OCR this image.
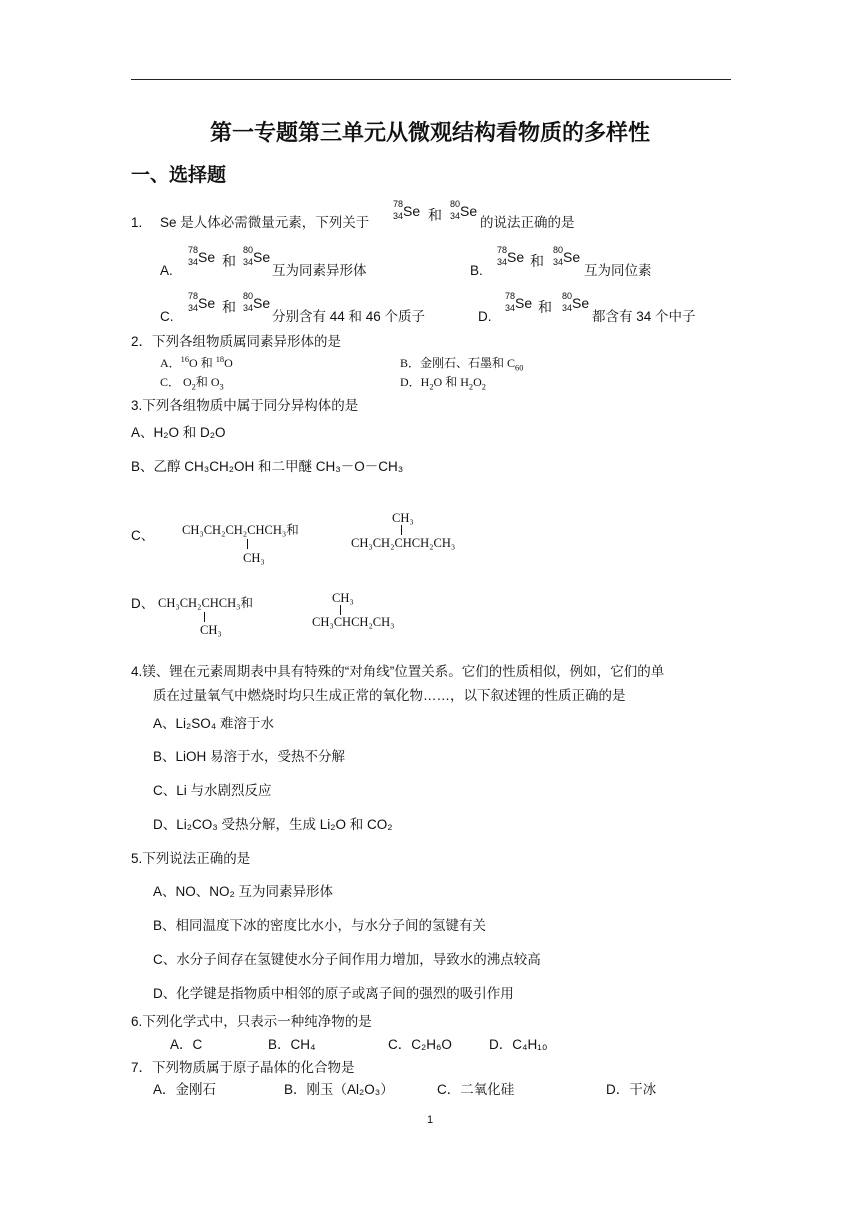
第一专题第三单元从微观结构看物质的多样性
一、选择题
1. Se 是人体必需微量元素，下列关于
78
34 Se 和
80
34 Se
的说法正确的是
A.
78
34 Se 和
80
34 Se
互为同素异形体	B.
78
34 Se 和
80
34 Se
互为同位素
C.
78
34 Se 和
80
34 Se
分别含有 44 和 46 个质子	D.
78
34 Se 和
80
34 Se
都含有 34 个中子
2．下列各组物质属同素异形体的是
A．$^{16}$O 和 $^{18}$O	B．金刚石、石墨和 $C_{60}$
C． $O_2$和 $O_3$	D．$H_2O$ 和 $H_2O_2$
3.下列各组物质中属于同分异构体的是
A、H₂O 和 D₂O
B、乙醇 CH₃CH₂OH 和二甲醚 CH₃－O－CH₃
C、 CH₃CH₂CH₂CHCH₃和
CH₃
CH₃
CH₃CH₂CHCH₂CH₃
D、 CH₃CH₂CHCH₃和
CH₃
CH₃
CH₃CHCH₂CH₃
4.镁、锂在元素周期表中具有特殊的“对角线”位置关系。它们的性质相似，例如，它们的单
质在过量氧气中燃烧时均只生成正常的氧化物……，以下叙述锂的性质正确的是
A、Li₂SO₄ 难溶于水
B、LiOH 易溶于水，受热不分解
C、Li 与水剧烈反应
D、Li₂CO₃ 受热分解，生成 Li₂O 和 CO₂
5.下列说法正确的是
A、NO、NO₂ 互为同素异形体
B、相同温度下冰的密度比水小，与水分子间的氢键有关
C、水分子间存在氢键使水分子间作用力增加，导致水的沸点较高
D、化学键是指物质中相邻的原子或离子间的强烈的吸引作用
6.下列化学式中，只表示一种纯净物的是
A．C	B．CH₄	C．C₂H₆O	D．C₄H₁₀
7．下列物质属于原子晶体的化合物是
A．金刚石	B．刚玉（Al₂O₃）	C．二氧化硅	D．干冰
1
